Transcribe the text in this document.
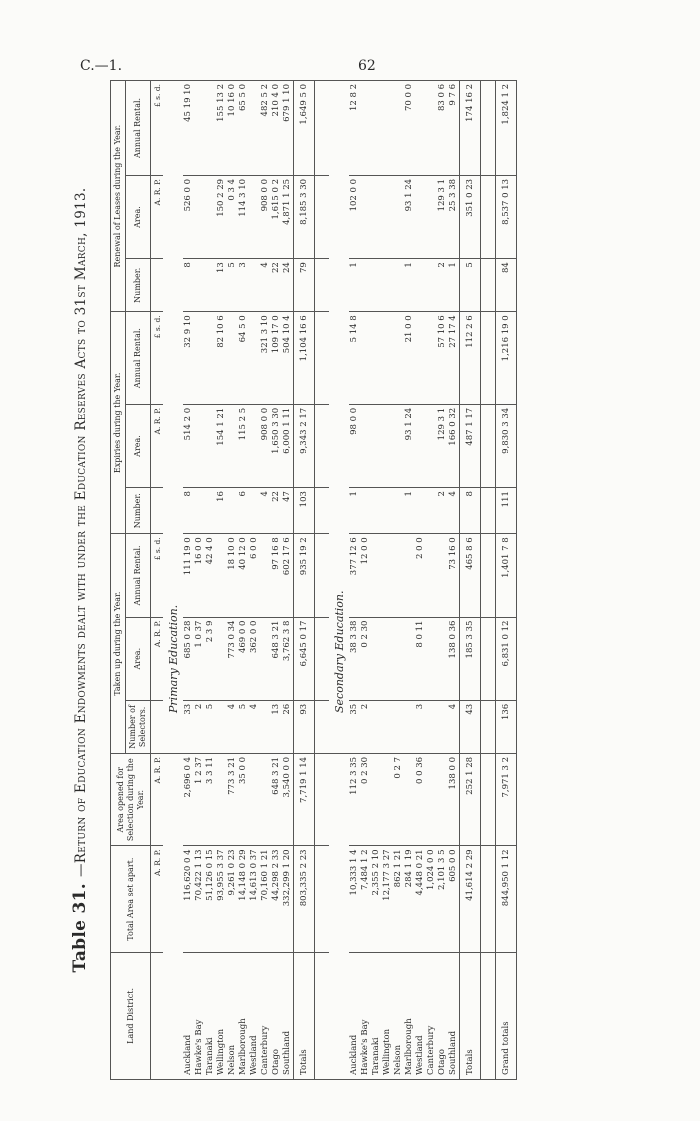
C.—1.	62
Table 31.—Return of Education Endowments dealt with under the Education Reserves Acts to 31st March, 1913.
Land District.	Total Area set apart.	Area opened for Selection during the Year.	Taken up during the Year.			Expiries during the Year.			Renewal of Leases during the Year.		
			Number of Selectors.	Area.	Annual Rental.	Number.	Area.	Annual Rental.	Number.	Area.	Annual Rental.
	A. R. P.	A. R. P.		A. R. P.	£ s. d.		A. R. P.	£ s. d.		A. R. P.	£ s. d.
			Primary Education.								
Auckland	116,620 0 4	2,696 0 4	33	685 0 28	111 19 0	8	514 2 0	32 9 10	8	526 0 0	45 19 10
Hawke's Bay	70,422 1 13	1 2 37	2	1 0 37	16 0 0						
Taranaki	51,126 0 15	3 3 11	5	2 3 9	42 4 0						
Wellington	93,955 3 37					16	154 1 21	82 10 6	13	150 2 29	155 13 2
Nelson	9,261 0 23	773 3 21	4	773 0 34	18 10 0				5	0 3 4	10 16 0
Marlborough	14,148 0 29	35 0 0	5	469 0 0	40 12 0	6	115 2 5	64 5 0	3	114 3 10	65 5 0
Westland	14,613 0 37		4	362 0 0	6 0 0						
Canterbury	70,160 1 21					4	908 0 0	321 3 10	4	908 0 0	482 5 2
Otago	44,298 2 33	648 3 21	13	648 3 21	97 16 8	22	1,650 3 30	109 17 0	22	1,615 0 2	210 4 0
Southland	332,299 1 20	3,540 0 0	26	3,762 3 8	602 17 6	47	6,000 1 11	504 10 4	24	4,871 1 25	679 1 10
Totals	803,335 2 23	7,719 1 14	93	6,645 0 17	935 19 2	103	9,343 2 17	1,104 16 6	79	8,185 3 30	1,649 5 0

			Secondary Education.								
Auckland	10,333 1 4	112 3 35	35	38 3 38	377 12 6	1	98 0 0	5 14 8	1	102 0 0	12 8 2
Hawke's Bay	7,484 1 2	0 2 30	2	0 2 30	12 0 0						
Taranaki	2,355 2 10										
Wellington	12,177 3 27										
Nelson	862 1 21	0 2 7									
Marlborough	284 1 19					1	93 1 24	21 0 0	1	93 1 24	70 0 0
Westland	4,448 0 21	0 0 36	3	8 0 11	2 0 0						
Canterbury	1,024 0 0										
Otago	2,101 3 5					2	129 3 1	57 10 6	2	129 3 1	83 0 6
Southland	605 0 0	138 0 0	4	138 0 36	73 16 0	4	166 0 32	27 17 4	1	25 3 38	9 7 6
Totals	41,614 2 29	252 1 28	43	185 3 35	465 8 6	8	487 1 17	112 2 6	5	351 0 23	174 16 2

Grand totals	844,950 1 12	7,971 3 2	136	6,831 0 12	1,401 7 8	111	9,830 3 34	1,216 19 0	84	8,537 0 13	1,824 1 2
